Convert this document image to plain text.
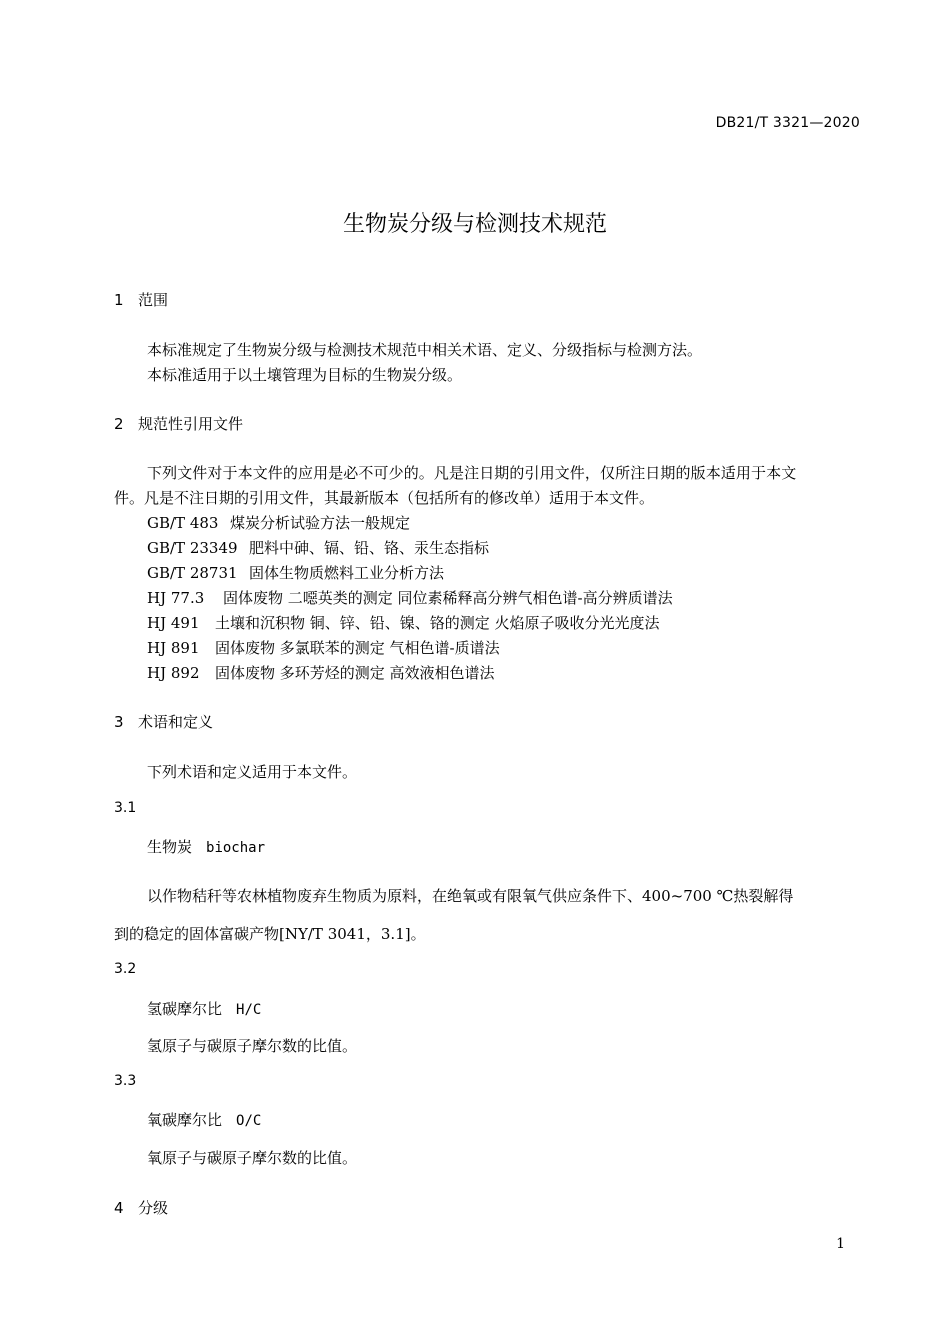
DB21/T 3321—2020
生物炭分级与检测技术规范
1 范围

本标准规定了生物炭分级与检测技术规范中相关术语、定义、分级指标与检测方法。

本标准适用于以土壤管理为目标的生物炭分级。

2 规范性引用文件

下列文件对于本文件的应用是必不可少的。凡是注日期的引用文件，仅所注日期的版本适用于本文

件。凡是不注日期的引用文件，其最新版本（包括所有的修改单）适用于本文件。

GB/T 483 煤炭分析试验方法一般规定
GB/T 23349 肥料中砷、镉、铅、铬、汞生态指标
GB/T 28731 固体生物质燃料工业分析方法
HJ 77.3 固体废物 二噁英类的测定 同位素稀释高分辨气相色谱-高分辨质谱法
HJ 491 土壤和沉积物 铜、锌、铅、镍、铬的测定 火焰原子吸收分光光度法
HJ 891 固体废物 多氯联苯的测定 气相色谱-质谱法
HJ 892 固体废物 多环芳烃的测定 高效液相色谱法
3 术语和定义

下列术语和定义适用于本文件。

3.1
生物炭 biochar

以作物秸秆等农林植物废弃生物质为原料，在绝氧或有限氧气供应条件下、400~700 ℃热裂解得

到的稳定的固体富碳产物[NY/T 3041，3.1]。

3.2
氢碳摩尔比 H/C

氢原子与碳原子摩尔数的比值。

3.3
氧碳摩尔比 O/C

氧原子与碳原子摩尔数的比值。

4 分级
1
